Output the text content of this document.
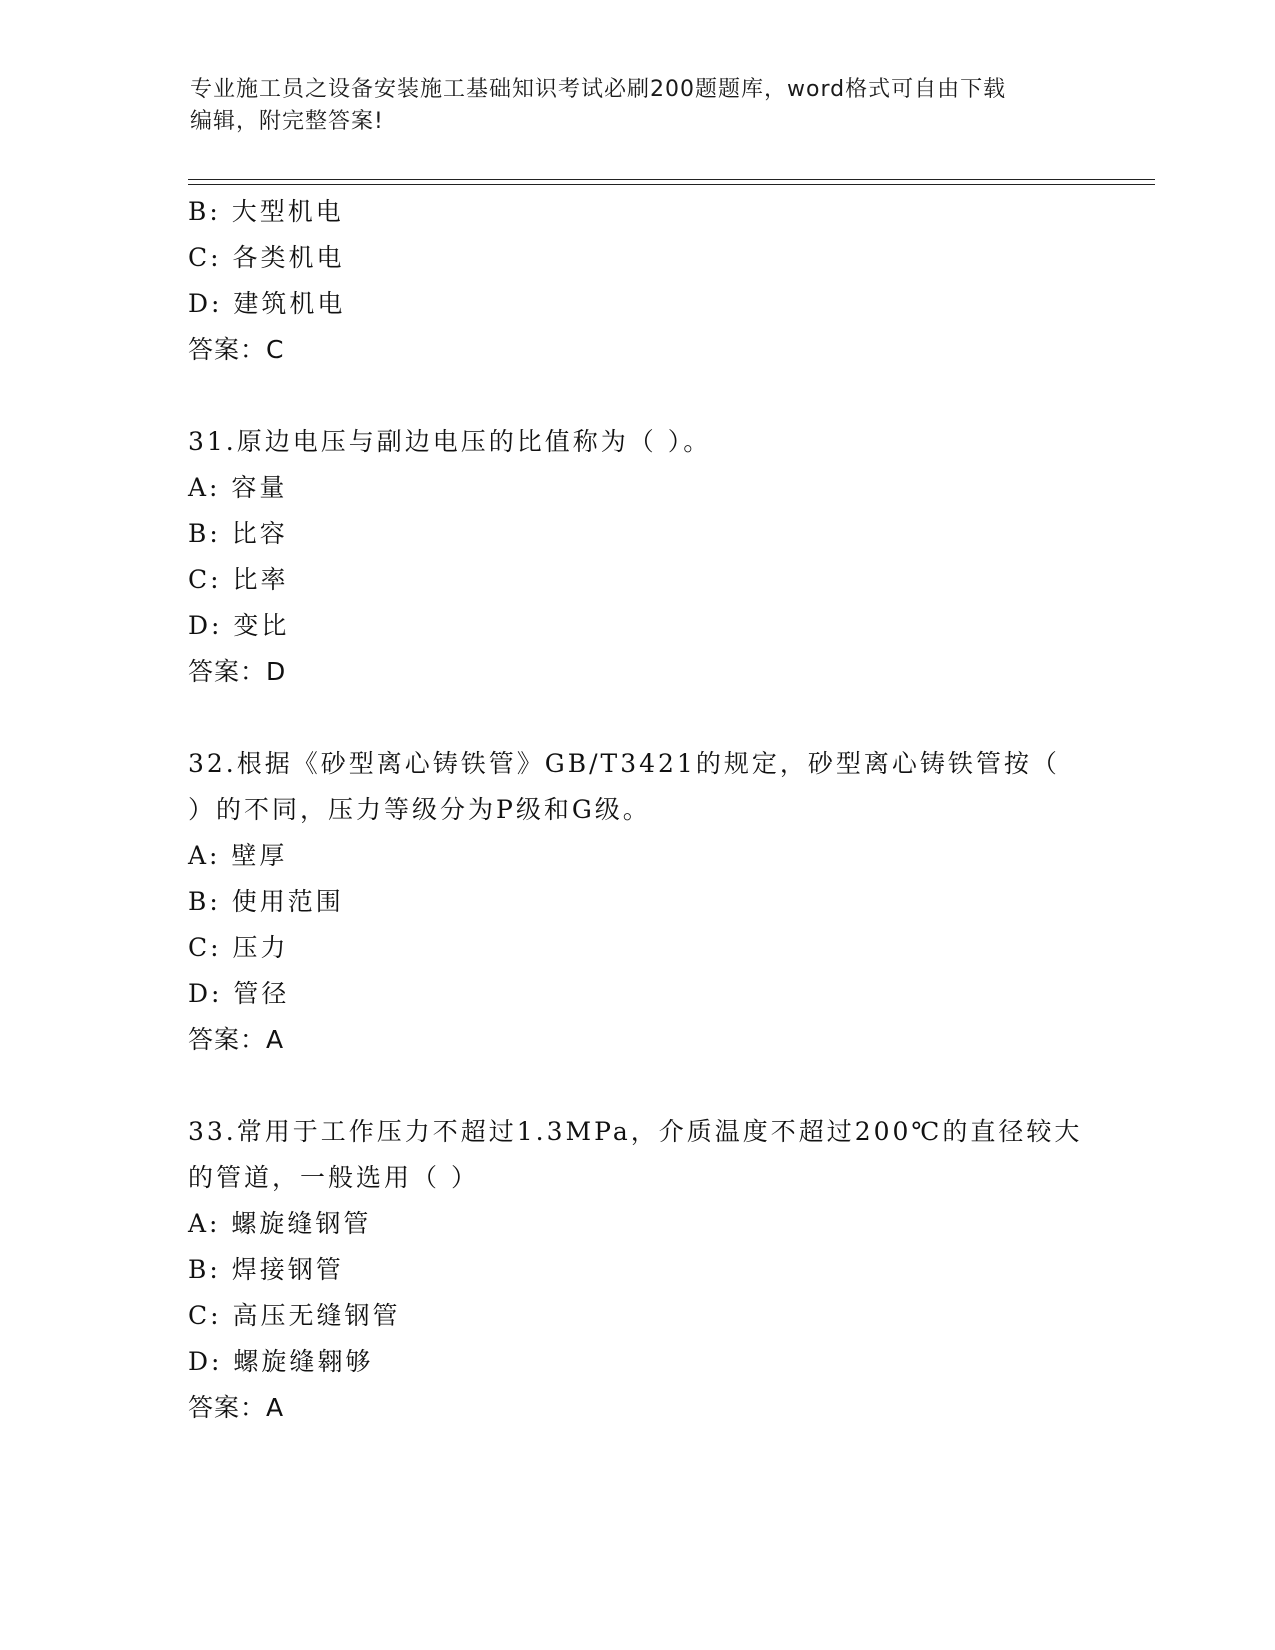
专业施工员之设备安装施工基础知识考试必刷200题题库，word格式可自由下载
编辑，附完整答案!
B: 大型机电
C: 各类机电
D: 建筑机电
答案：C
31.原边电压与副边电压的比值称为（ ）。
A: 容量
B: 比容
C: 比率
D: 变比
答案：D
32.根据《砂型离心铸铁管》GB/T3421的规定，砂型离心铸铁管按（
）的不同，压力等级分为P级和G级。
A: 壁厚
B: 使用范围
C: 压力
D: 管径
答案：A
33.常用于工作压力不超过1.3MPa，介质温度不超过200℃的直径较大
的管道，一般选用（ ）
A: 螺旋缝钢管
B: 焊接钢管
C: 高压无缝钢管
D: 螺旋缝翱够
答案：A
